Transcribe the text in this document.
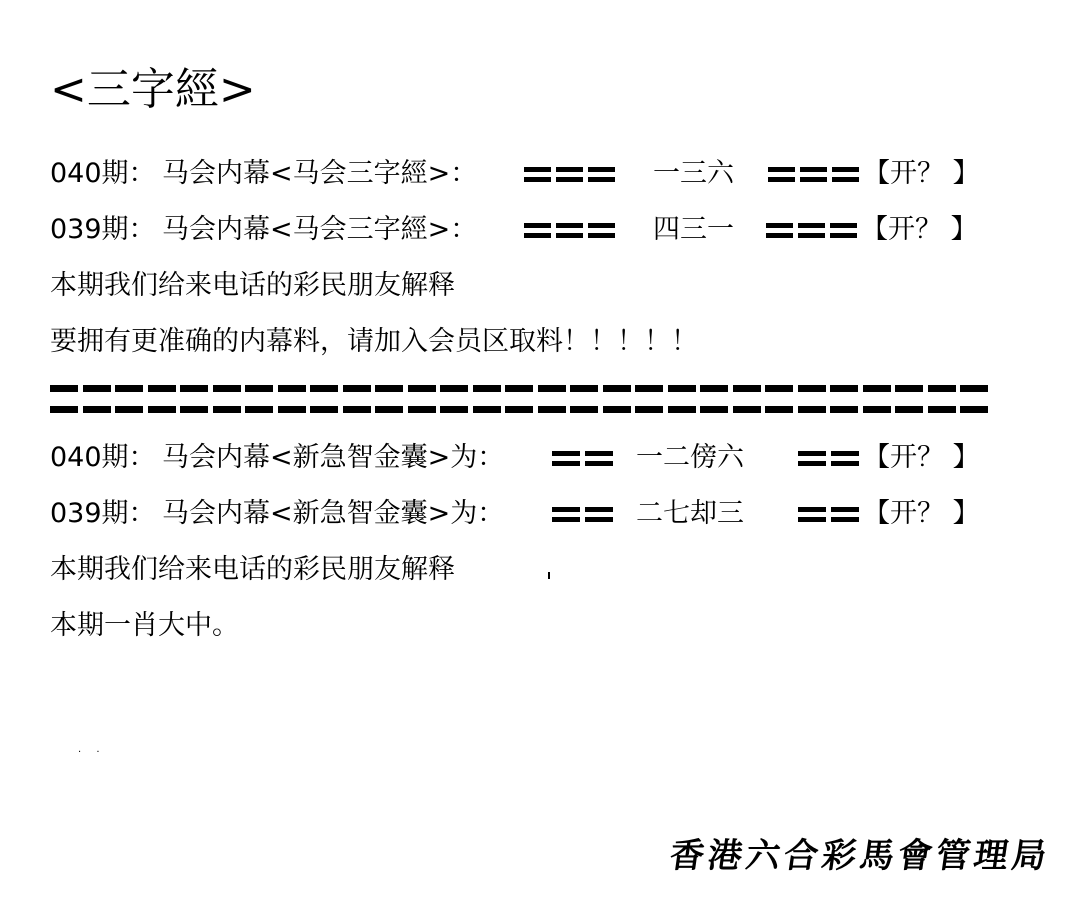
<三字經>
040期： 马会内幕<马会三字經>：	一三六	【开？ 】
039期： 马会内幕<马会三字經>：	四三一	【开？ 】
本期我们给来电话的彩民朋友解释
要拥有更准确的内幕料，请加入会员区取料！！！！！
040期： 马会内幕<新急智金囊>为：	一二傍六	【开？ 】
039期： 马会内幕<新急智金囊>为：	二七却三	【开？ 】
本期我们给来电话的彩民朋友解释
本期一肖大中。
· ·
香港六合彩馬會管理局
